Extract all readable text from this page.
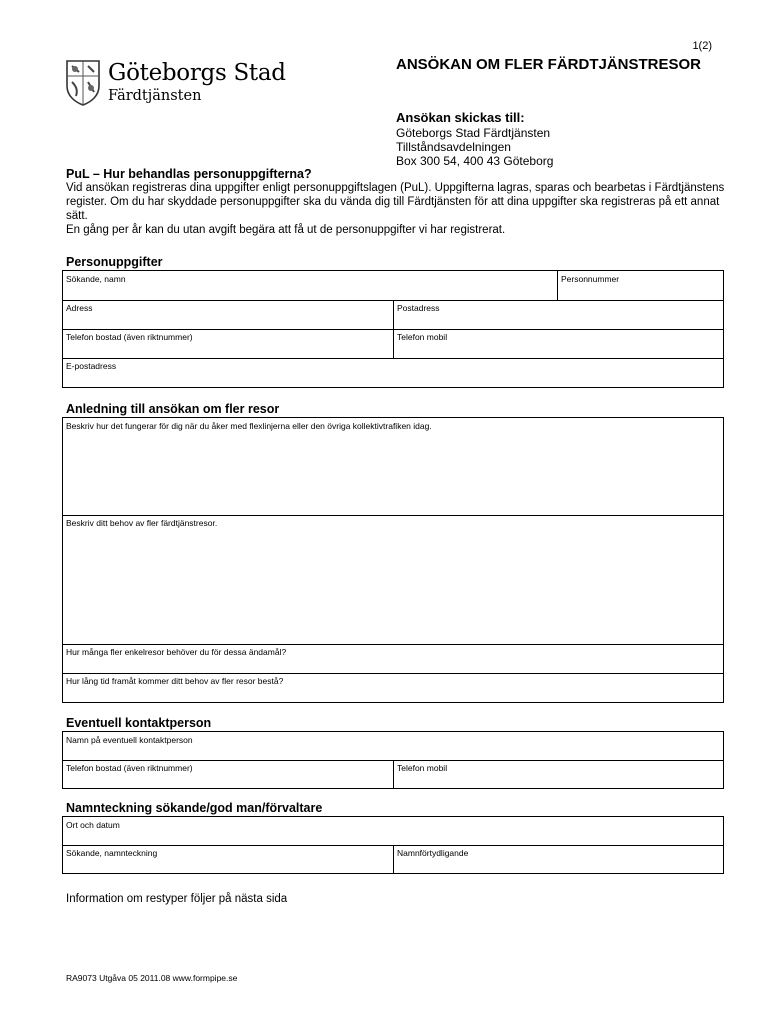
1(2)
Göteborgs Stad
Färdtjänsten
ANSÖKAN OM FLER FÄRDTJÄNSTRESOR
Ansökan skickas till:
Göteborgs Stad Färdtjänsten
Tillståndsavdelningen
Box 300 54, 400 43 Göteborg
PuL – Hur behandlas personuppgifterna?
Vid ansökan registreras dina uppgifter enligt personuppgiftslagen (PuL). Uppgifterna lagras, sparas och bearbetas i Färdtjänstens register. Om du har skyddade personuppgifter ska du vända dig till Färdtjänsten för att dina uppgifter ska registreras på ett annat sätt.
En gång per år kan du utan avgift begära att få ut de personuppgifter vi har registrerat.
Personuppgifter
Sökande, namn	Personnummer
Adress	Postadress
Telefon bostad (även riktnummer)	Telefon mobil
E-postadress
Anledning till ansökan om fler resor
Beskriv hur det fungerar för dig när du åker med flexlinjerna eller den övriga kollektivtrafiken idag.
Beskriv ditt behov av fler färdtjänstresor.
Hur många fler enkelresor behöver du för dessa ändamål?
Hur lång tid framåt kommer ditt behov av fler resor bestå?
Eventuell kontaktperson
Namn på eventuell kontaktperson
Telefon bostad (även riktnummer)	Telefon mobil
Namnteckning sökande/god man/förvaltare
Ort och datum
Sökande, namnteckning	Namnförtydligande
Information om restyper följer på nästa sida
RA9073 Utgåva 05 2011.08 www.formpipe.se
